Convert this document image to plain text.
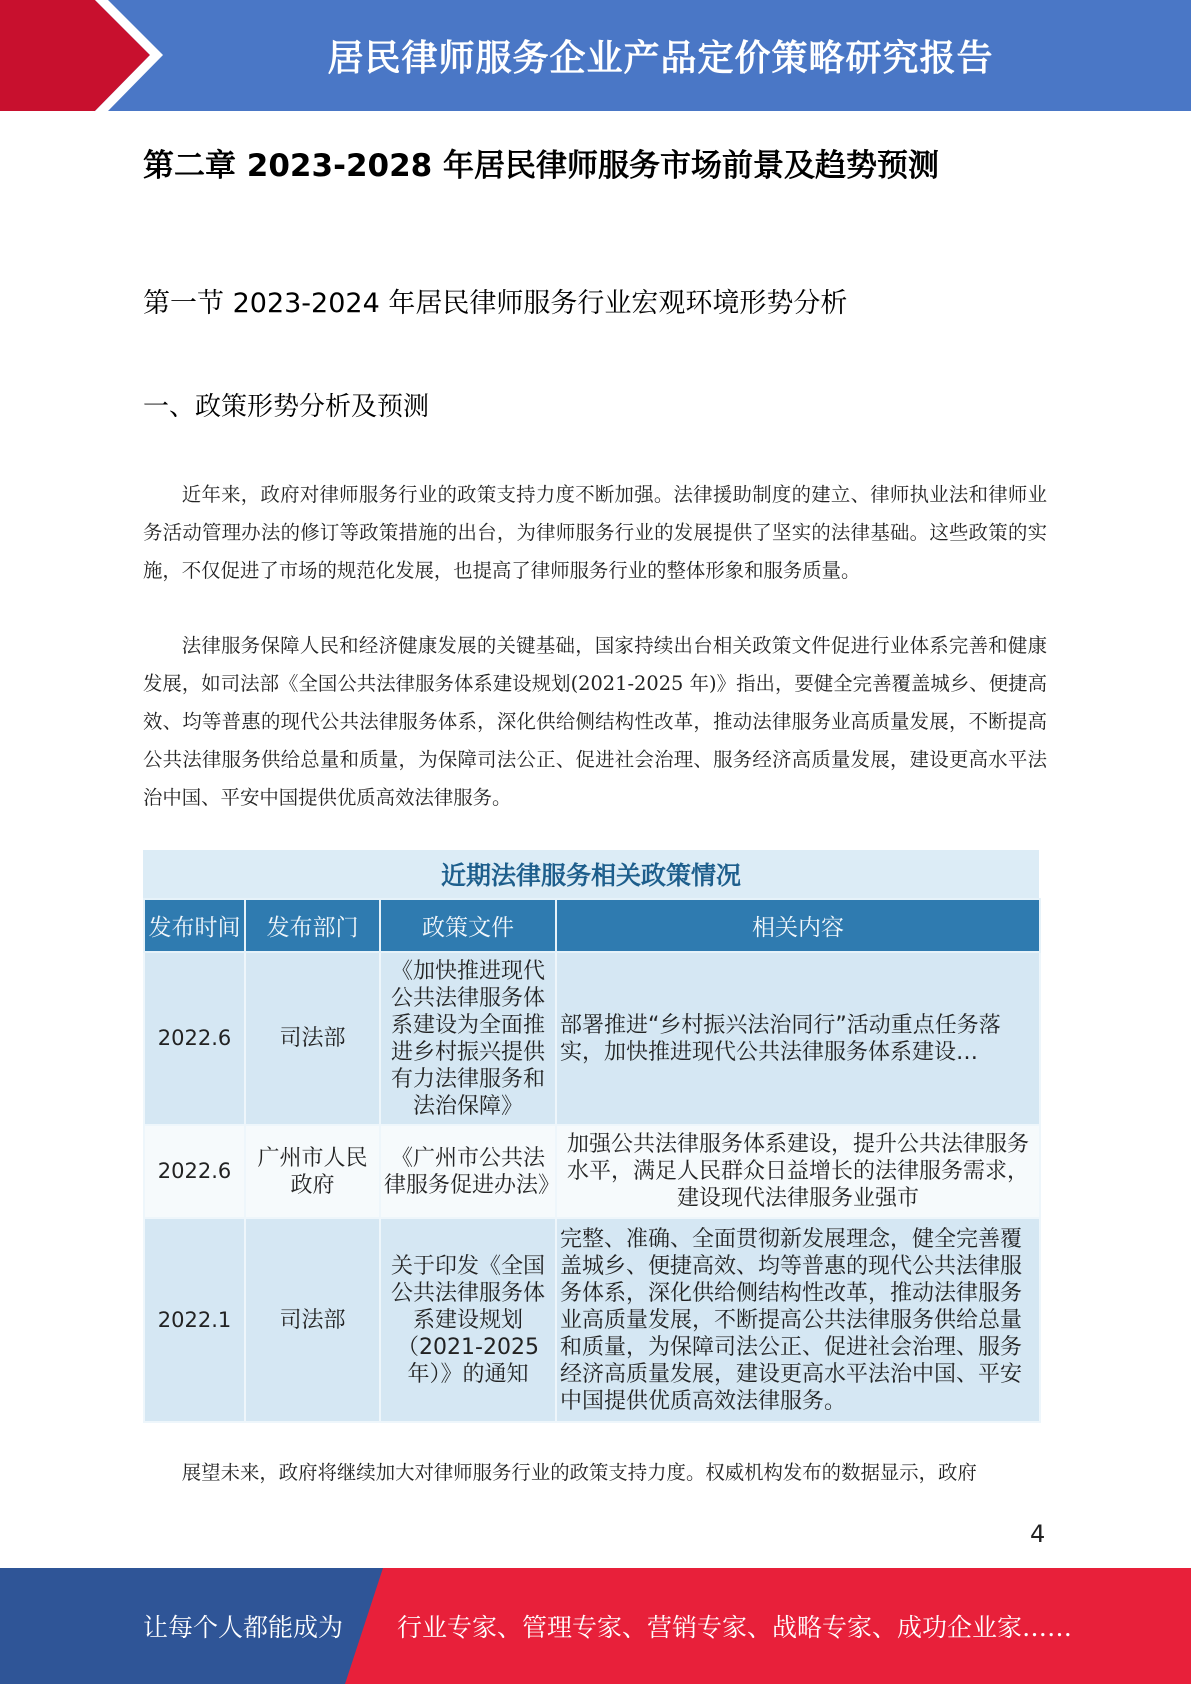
居民律师服务企业产品定价策略研究报告
第二章 2023-2028 年居民律师服务市场前景及趋势预测
第一节 2023-2024 年居民律师服务行业宏观环境形势分析
一、政策形势分析及预测

近年来，政府对律师服务行业的政策支持力度不断加强。法律援助制度的建立、律师执业法和律师业务活动管理办法的修订等政策措施的出台，为律师服务行业的发展提供了坚实的法律基础。这些政策的实施，不仅促进了市场的规范化发展，也提高了律师服务行业的整体形象和服务质量。

法律服务保障人民和经济健康发展的关键基础，国家持续出台相关政策文件促进行业体系完善和健康发展，如司法部《全国公共法律服务体系建设规划(2021-2025 年)》指出，要健全完善覆盖城乡、便捷高效、均等普惠的现代公共法律服务体系，深化供给侧结构性改革，推动法律服务业高质量发展，不断提高公共法律服务供给总量和质量，为保障司法公正、促进社会治理、服务经济高质量发展，建设更高水平法治中国、平安中国提供优质高效法律服务。

近期法律服务相关政策情况
发布时间	发布部门	政策文件	相关内容
2022.6	司法部	《加快推进现代公共法律服务体系建设为全面推进乡村振兴提供有力法律服务和法治保障》	部署推进“乡村振兴法治同行”活动重点任务落实，加快推进现代公共法律服务体系建设…
2022.6	广州市人民政府	《广州市公共法律服务促进办法》	加强公共法律服务体系建设，提升公共法律服务水平，满足人民群众日益增长的法律服务需求，建设现代法律服务业强市
2022.1	司法部	关于印发《全国公共法律服务体系建设规划（2021-2025年）》的通知	完整、准确、全面贯彻新发展理念，健全完善覆盖城乡、便捷高效、均等普惠的现代公共法律服务体系，深化供给侧结构性改革，推动法律服务业高质量发展，不断提高公共法律服务供给总量和质量，为保障司法公正、促进社会治理、服务经济高质量发展，建设更高水平法治中国、平安中国提供优质高效法律服务。

展望未来，政府将继续加大对律师服务行业的政策支持力度。权威机构发布的数据显示，政府

4
让每个人都能成为 行业专家、管理专家、营销专家、战略专家、成功企业家……
